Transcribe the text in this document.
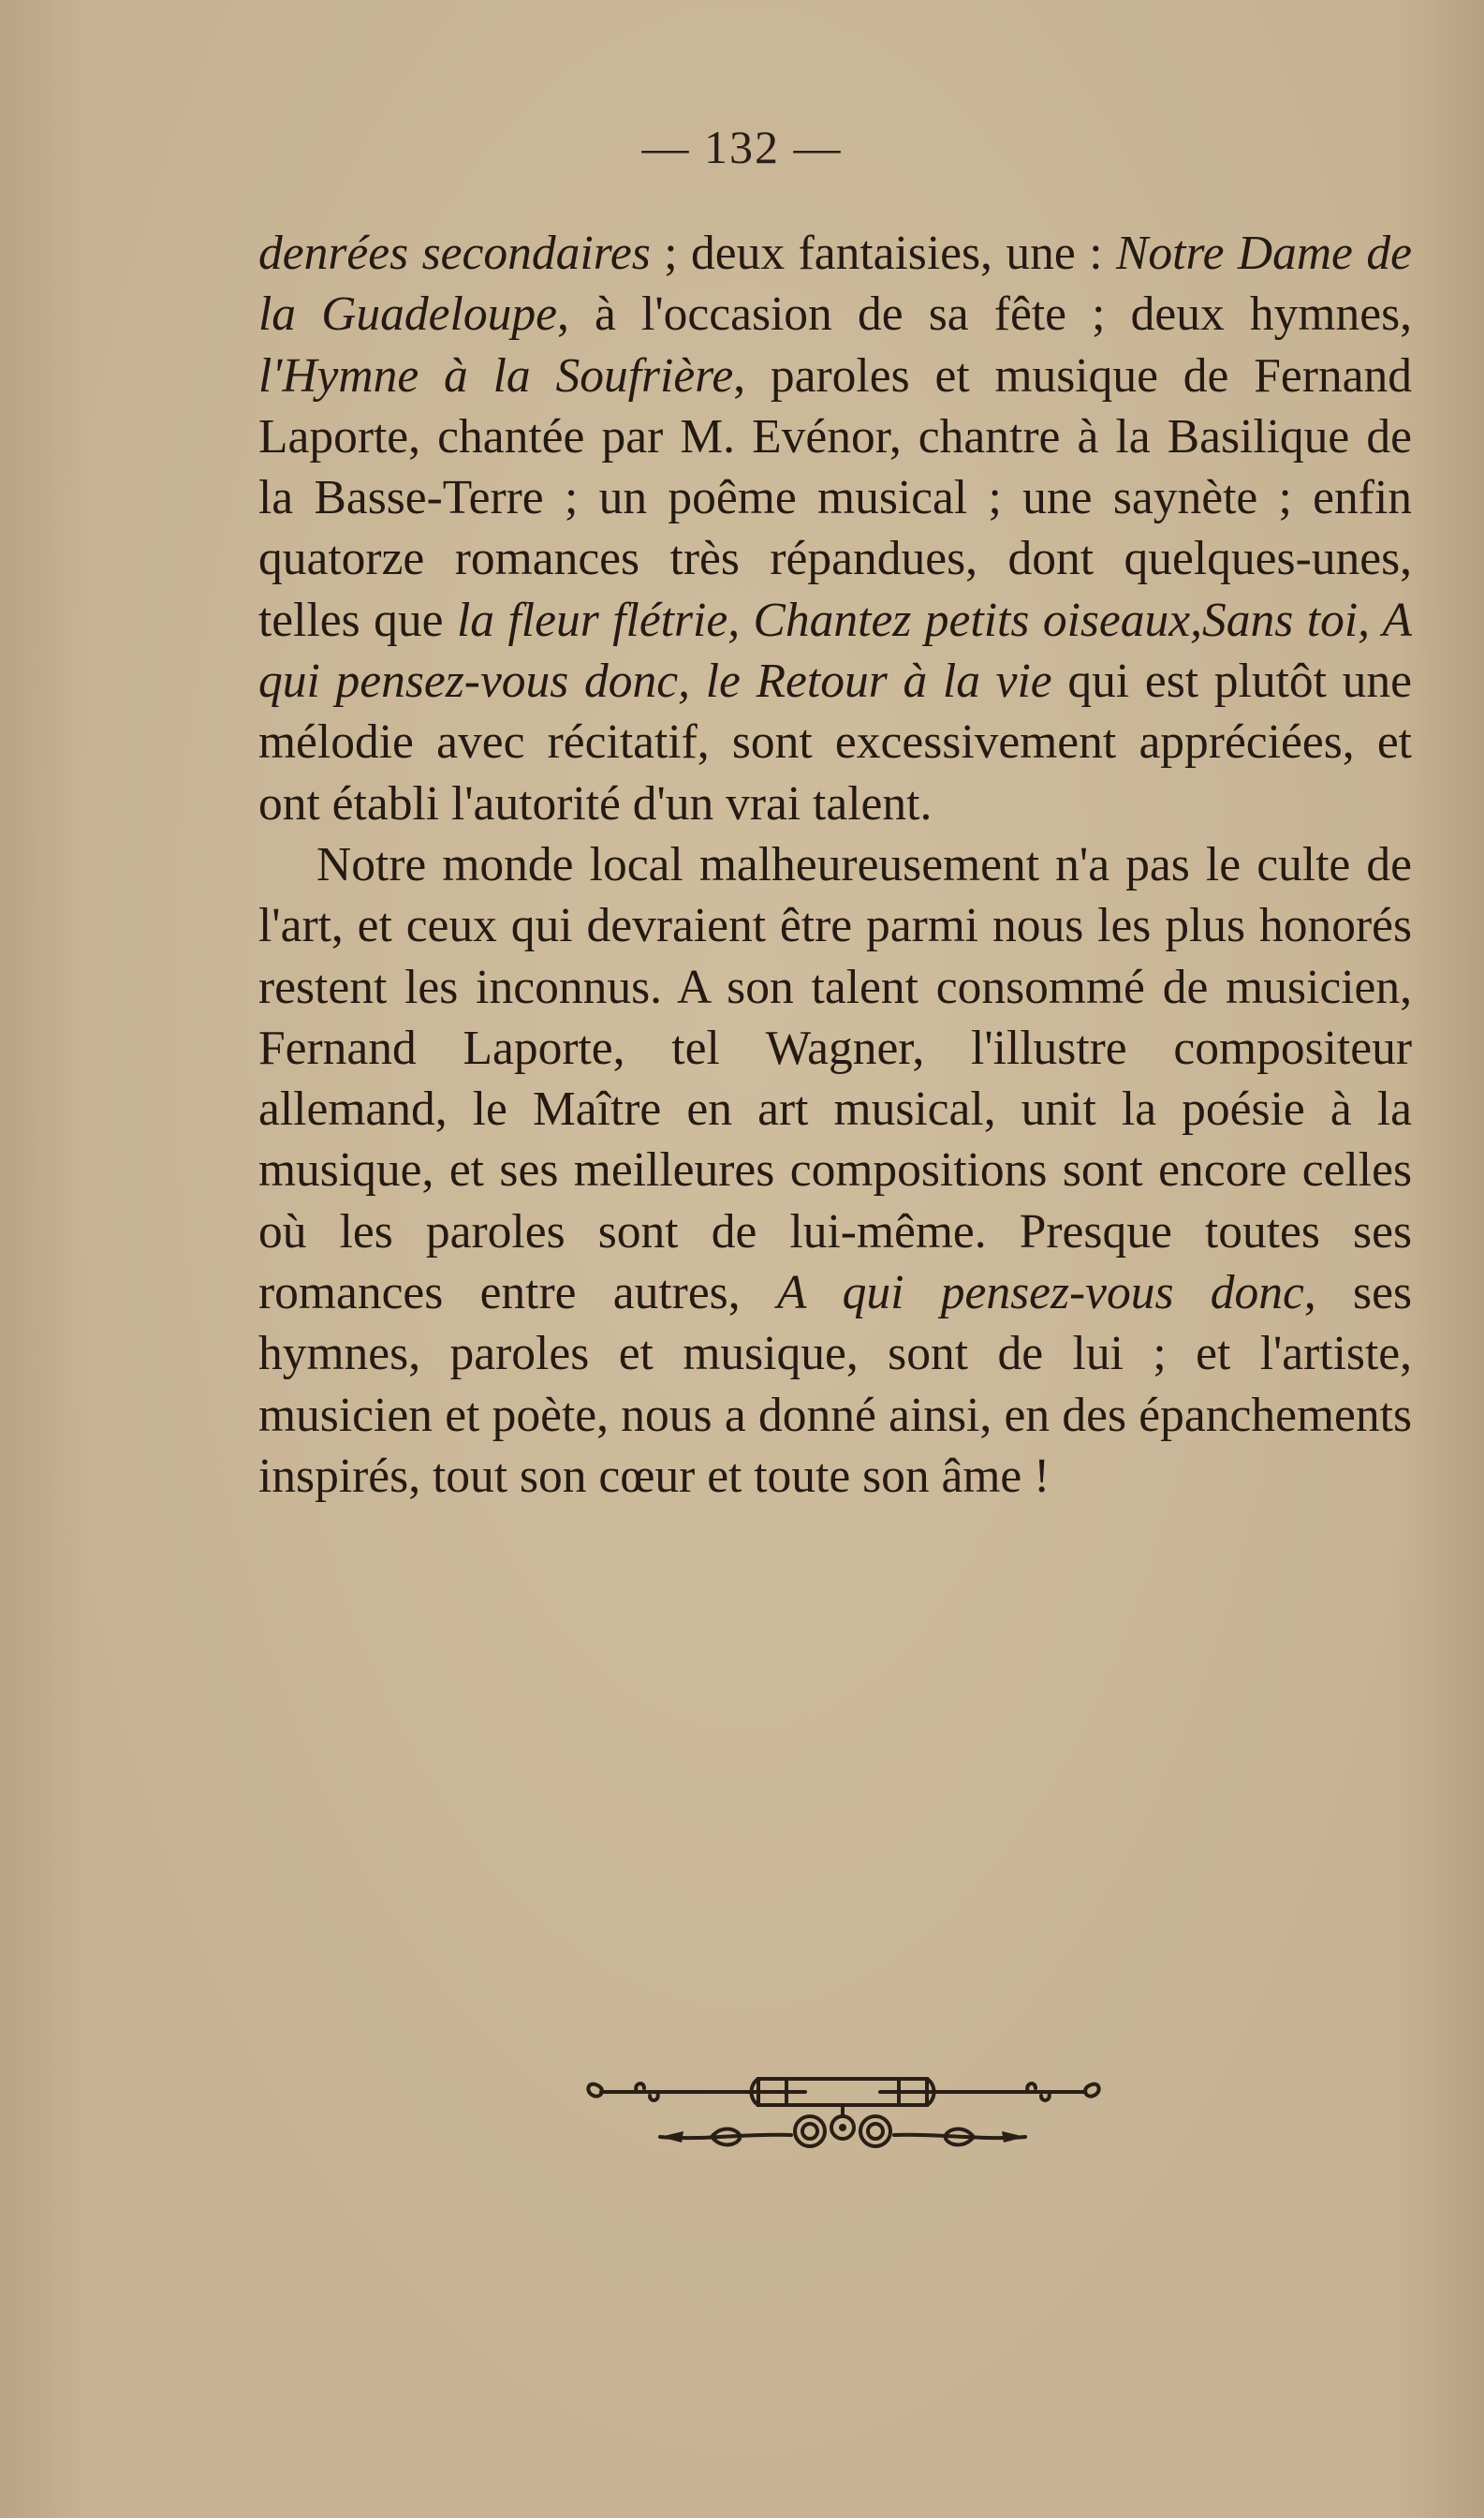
— 132 —

denrées secondaires ; deux fantaisies, une : Notre Dame de la Guadeloupe, à l'occasion de sa fête ; deux hymnes, l'Hymne à la Soufrière, paroles et musique de Fernand Laporte, chantée par M. Evénor, chantre à la Basilique de la Basse-Terre ; un poême musical ; une saynète ; enfin quatorze romances très répandues, dont quelques-unes, telles que la fleur flétrie, Chantez petits oiseaux,Sans toi, A qui pensez-vous donc, le Retour à la vie qui est plutôt une mélodie avec récitatif, sont excessivement appréciées, et ont établi l'autorité d'un vrai talent.

Notre monde local malheureusement n'a pas le culte de l'art, et ceux qui devraient être parmi nous les plus honorés restent les inconnus. A son talent consommé de musicien, Fernand Laporte, tel Wagner, l'illustre compositeur allemand, le Maître en art musical, unit la poésie à la musique, et ses meilleures compositions sont encore celles où les paroles sont de lui-même. Presque toutes ses romances entre autres, A qui pensez-vous donc, ses hymnes, paroles et musique, sont de lui ; et l'artiste, musicien et poète, nous a donné ainsi, en des épanchements inspirés, tout son cœur et toute son âme !
